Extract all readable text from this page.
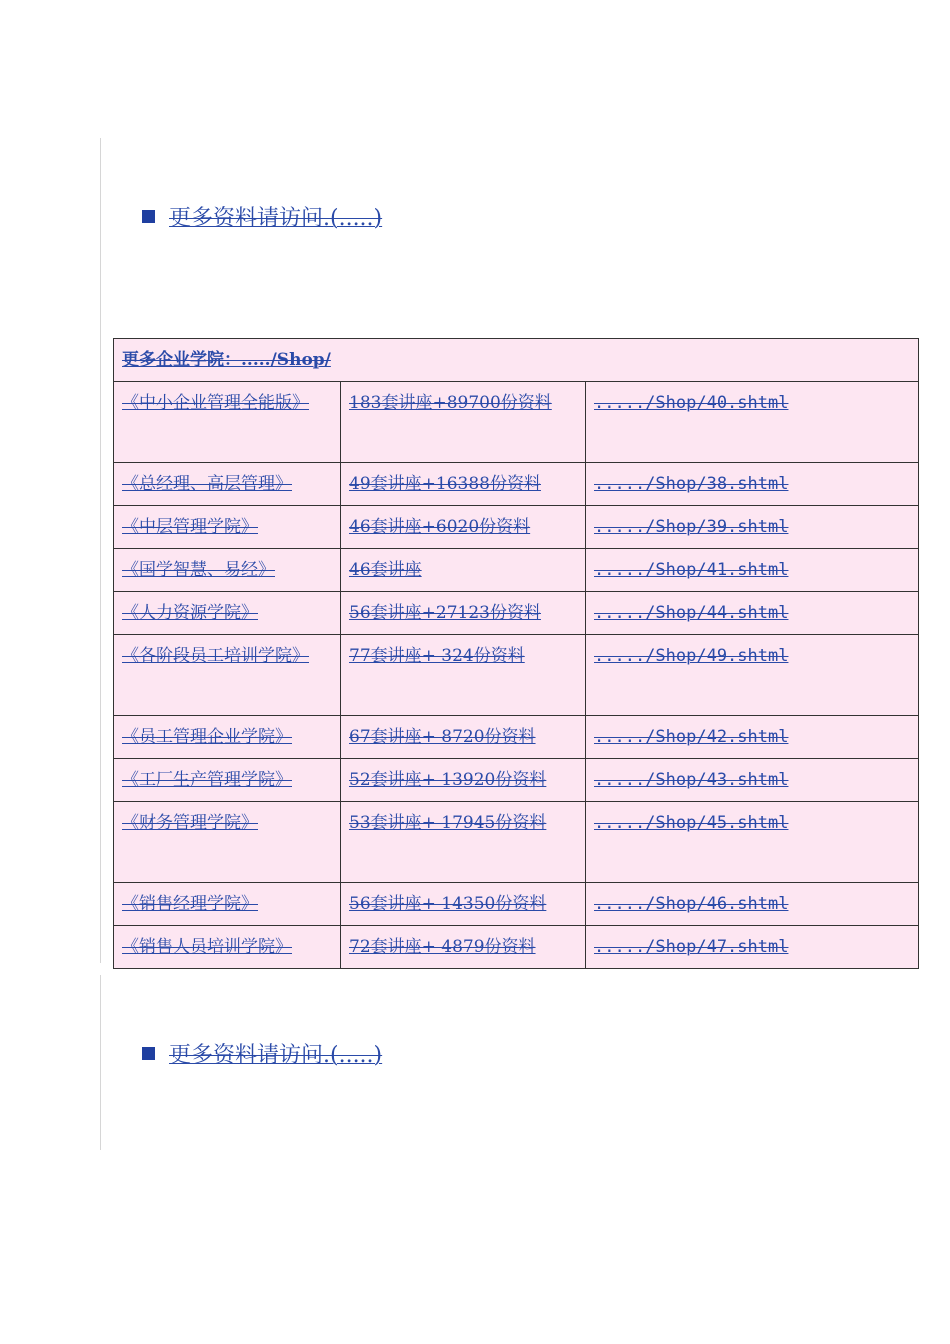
更多资料请访问.(.....)
更多企业学院：...../Shop/		
《中小企业管理全能版》	183套讲座+89700份资料	...../Shop/40.shtml
《总经理、高层管理》	49套讲座+16388份资料	...../Shop/38.shtml
《中层管理学院》	46套讲座+6020份资料	...../Shop/39.shtml
《国学智慧、易经》	46套讲座	...../Shop/41.shtml
《人力资源学院》	56套讲座+27123份资料	...../Shop/44.shtml
《各阶段员工培训学院》	77套讲座+ 324份资料	...../Shop/49.shtml
《员工管理企业学院》	67套讲座+ 8720份资料	...../Shop/42.shtml
《工厂生产管理学院》	52套讲座+ 13920份资料	...../Shop/43.shtml
《财务管理学院》	53套讲座+ 17945份资料	...../Shop/45.shtml
《销售经理学院》	56套讲座+ 14350份资料	...../Shop/46.shtml
《销售人员培训学院》	72套讲座+ 4879份资料	...../Shop/47.shtml
更多资料请访问.(.....)
